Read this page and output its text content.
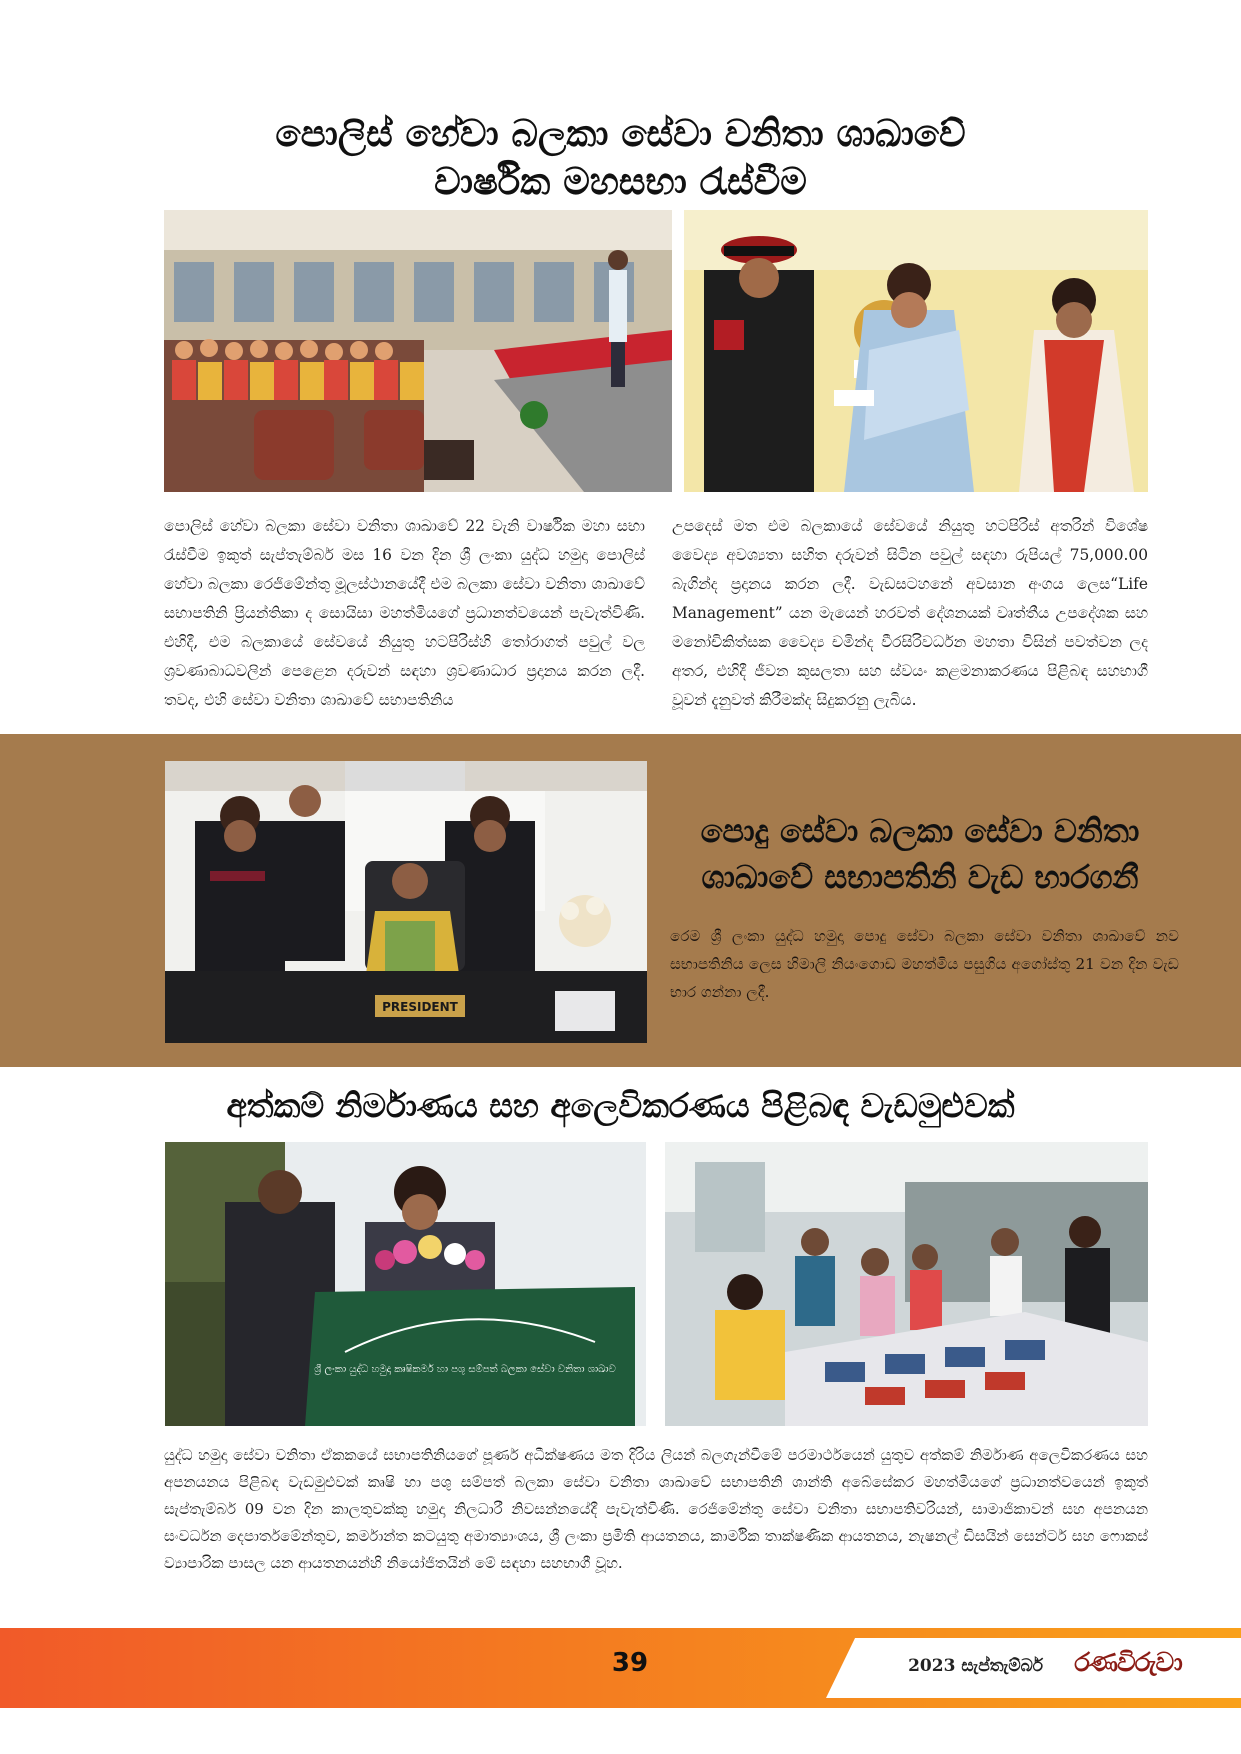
පොලිස් හේවා බලකා සේවා වනිතා ශාඛාවේ
වාර්ෂික මහසභා රැස්වීම
පොලිස් හේවා බලකා සේවා වනිතා ශාඛාවේ 22 වැනි වාර්ෂික මහා සභා රැස්වීම ඉකුත් සැප්තැම්බර් මස 16 වන දින ශ්‍රී ලංකා යුද්ධ හමුදා පොලිස් හේවා බලකා රෙජිමේන්තු මූලස්ථානයේදී එම බලකා සේවා වනිතා ශාඛාවේ සභාපතිනි ප්‍රියන්තිකා ද සොයිසා මහත්මියගේ ප්‍රධානත්වයෙන් පැවැත්විණි. එහිදී, එම බලකායේ සේවයේ නියුතු හටපිරිස්හි තෝරාගත් පවුල් වල ශ්‍රවණාබාධවලින් පෙළෙන දරුවන් සඳහා ශ්‍රවණාධාර ප්‍රදානය කරන ලදී. තවද, එහි සේවා වනිතා ශාඛාවේ සභාපතිනිය
උපදෙස් මත එම බලකායේ සේවයේ නියුතු හටපිරිස් අතරින් විශේෂ වෛද්‍ය අවශ්‍යතා සහිත දරුවන් සිටින පවුල් සඳහා රුපියල් 75,000.00 බැගින්ද ප්‍රදානය කරන ලදී. වැඩසටහනේ අවසාන අංගය ලෙස“Life Management” යන මැයෙන් හරවත් දේශනයක් වෘත්තීය උපදේශක සහ මනෝචිකිත්සක වෛද්‍ය චමින්ද වීරසිරිවර්ධන මහතා විසින් පවත්වන ලද අතර, එහිදී ජීවන කුසලතා සහ ස්වයං කළමනාකරණය පිළිබඳ සහභාගී වූවන් දැනුවත් කිරීමක්ද සිදුකරනු ලැබිය.
PRESIDENT
පොදු සේවා බලකා සේවා වනිතා
ශාඛාවේ සභාපතිනි වැඩ භාරගනී
රෙම ශ්‍රී ලංකා යුද්ධ හමුදා පොදු සේවා බලකා සේවා වනිතා ශාඛාවේ නව සභාපතිනිය ලෙස හිමාලි නියංගොඩ මහත්මිය පසුගිය අගෝස්තු 21 වන දින වැඩ භාර ගන්නා ලදී.
අත්කම් නිර්මාණය සහ අලෙවිකරණය පිළිබඳ වැඩමුළුවක්
ශ්‍රී ලංකා යුද්ධ හමුදා කෘෂිකර්ම හා පශු සම්පත් බලකා සේවා වනිතා ශාඛාව
යුද්ධ හමුදා සේවා වනිතා ඒකකයේ සභාපතිනියගේ පූර්ණ අධීක්ෂණය මත දිරිය ලියන් බලගැන්වීමේ පරමාර්ථයෙන් යුතුව අත්කම් නිර්මාණ අලෙවිකරණය සහ අපනයනය පිළිබඳ වැඩමුළුවක් කෘෂි හා පශු සම්පත් බලකා සේවා වනිතා ශාඛාවේ සභාපතිනි ශාන්ති අබේසේකර මහත්මියගේ ප්‍රධානත්වයෙන් ඉකුත් සැප්තැම්බර් 09 වන දින කාලතුවක්කු හමුදා නිලධාරී නිවසන්නයේදී පැවැත්විණි. රෙජිමේන්තු සේවා වනිතා සභාපතිවරියන්, සාමාජිකාවන් සහ අපනයන සංවර්ධන දෙපාර්තමේන්තුව, කර්මාන්ත කටයුතු අමාත්‍යාංශය, ශ්‍රී ලංකා ප්‍රමිති ආයතනය, කාර්මික තාක්ෂණික ආයතනය, නැෂනල් ඩිසයින් සෙන්ටර් සහ ෆොකස් ව්‍යාපාරික පාසල යන ආයතනයන්හි නියෝජිතයින් මේ සඳහා සහභාගී වූහ.
39	2023 සැප්තැම්බර්	රණවිරුවා
